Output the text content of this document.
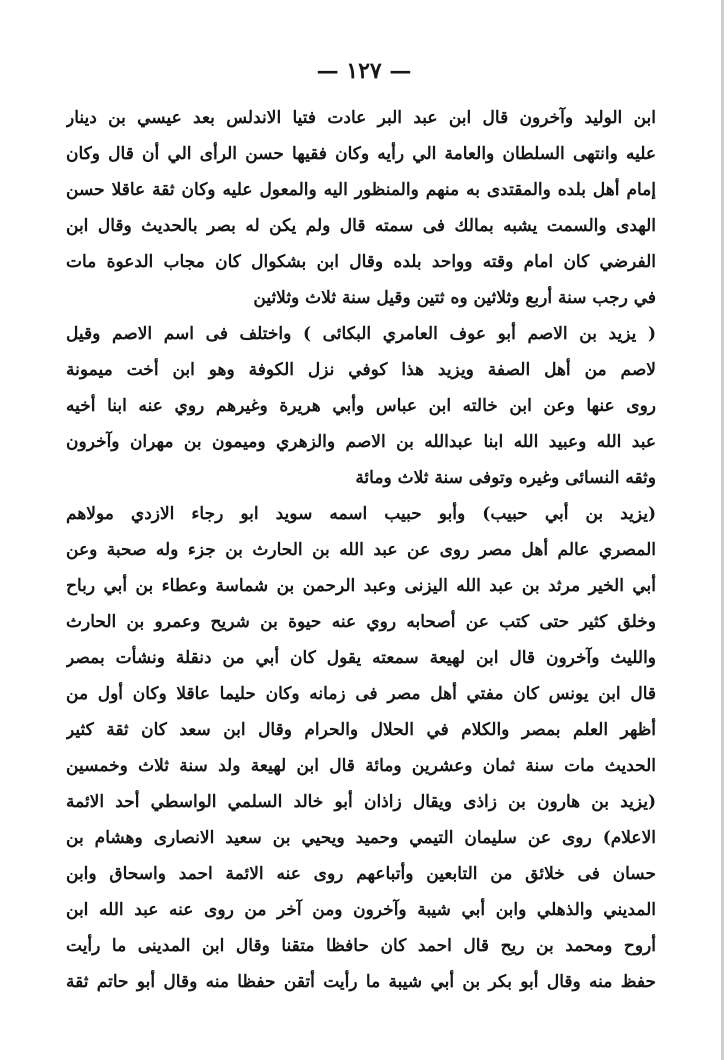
— ١٢٧ —
ابن الوليد وآخرون قال ابن عبد البر عادت فتيا الاندلس بعد عيسي بن دينار
عليه وانتهى السلطان والعامة الي رأيه وكان فقيها حسن الرأى الي أن قال وكان
إمام أهل بلده والمقتدى به منهم والمنظور اليه والمعول عليه وكان ثقة عاقلا حسن
الهدى والسمت يشبه بمالك فى سمته قال ولم يكن له بصر بالحديث وقال ابن
الفرضي كان امام وقته وواحد بلده وقال ابن بشكوال كان مجاب الدعوة مات
في رجب سنة أربع وثلاثين وه ثتين وقيل سنة ثلاث وثلاثين
( يزيد بن الاصم أبو عوف العامري البكائى ) واختلف فى اسم الاصم وقيل
لاصم من أهل الصفة ويزيد هذا كوفي نزل الكوفة وهو ابن أخت ميمونة
روى عنها وعن ابن خالته ابن عباس وأبي هريرة وغيرهم روي عنه ابنا أخيه
عبد الله وعبيد الله ابنا عبدالله بن الاصم والزهري وميمون بن مهران وآخرون
وثقه النسائى وغيره وتوفى سنة ثلاث ومائة
(يزيد بن أبي حبيب) وأبو حبيب اسمه سويد ابو رجاء الازدي مولاهم
المصري عالم أهل مصر روى عن عبد الله بن الحارث بن جزء وله صحبة وعن
أبي الخير مرثد بن عبد الله اليزنى وعبد الرحمن بن شماسة وعطاء بن أبي رباح
وخلق كثير حتى كتب عن أصحابه روي عنه حيوة بن شريح وعمرو بن الحارث
والليث وآخرون قال ابن لهيعة سمعته يقول كان أبي من دنقلة ونشأت بمصر
قال ابن يونس كان مفتي أهل مصر فى زمانه وكان حليما عاقلا وكان أول من
أظهر العلم بمصر والكلام في الحلال والحرام وقال ابن سعد كان ثقة كثير
الحديث مات سنة ثمان وعشرين ومائة قال ابن لهيعة ولد سنة ثلاث وخمسين
(يزيد بن هارون بن زاذى ويقال زاذان أبو خالد السلمي الواسطي أحد الائمة
الاعلام) روى عن سليمان التيمي وحميد ويحيي بن سعيد الانصارى وهشام بن
حسان فى خلائق من التابعين وأتباعهم روى عنه الائمة احمد واسحاق وابن
المديني والذهلي وابن أبي شيبة وآخرون ومن آخر من روى عنه عبد الله ابن
أروح ومحمد بن ريح قال احمد كان حافظا متقنا وقال ابن المدينى ما رأيت
حفظ منه وقال أبو بكر بن أبي شيبة ما رأيت أتقن حفظا منه وقال أبو حاتم ثقة
